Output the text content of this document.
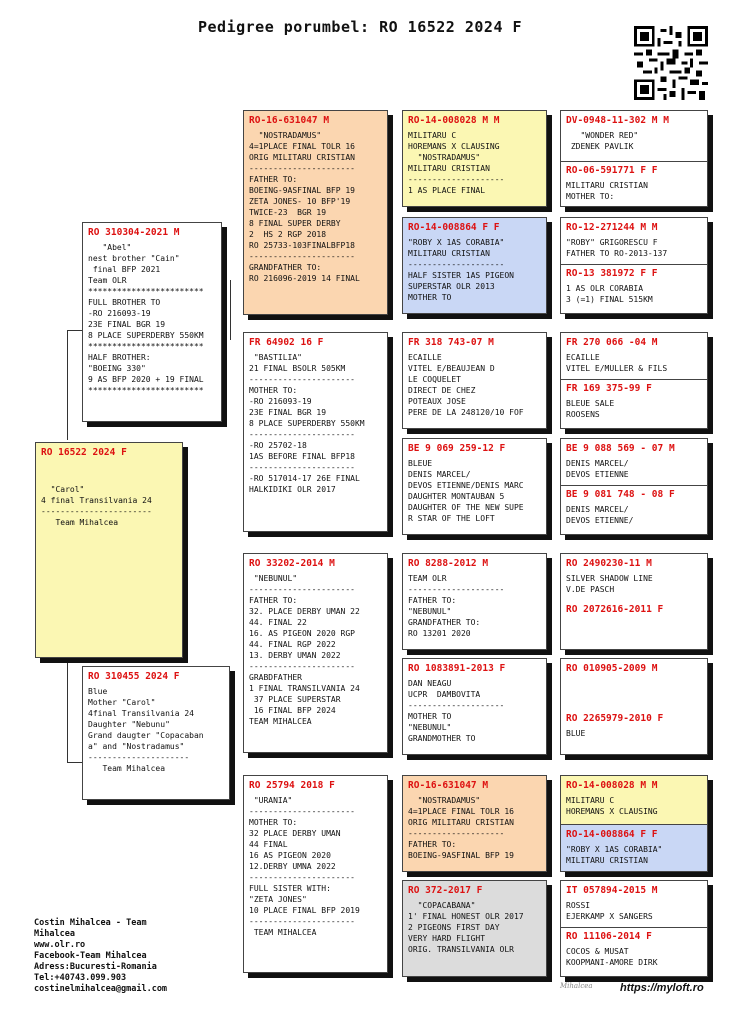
Pedigree porumbel: RO 16522 2024 F
RO 16522 2024 F

"Carol"
4 final Transilvania 24
-----------------------
Team Mihalcea
RO 310304-2021 M
"Abel"
nest brother "Cain"
final BFP 2021
Team OLR
************************
FULL BROTHER TO
-RO 216093-19
23E FINAL BGR 19
8 PLACE SUPERDERBY 550KM
************************
HALF BROTHER:
"BOEING 330"
9 AS BFP 2020 + 19 FINAL
************************
RO 310455 2024 F
Blue
Mother "Carol"
4final Transilvania 24
Daughter "Nebunu"
Grand daugter "Copacaban
a" and "Nostradamus"
---------------------
Team Mihalcea
RO-16-631047 M
"NOSTRADAMUS"
4=1PLACE FINAL TOLR 16
ORIG MILITARU CRISTIAN
----------------------
FATHER TO:
BOEING-9ASFINAL BFP 19
ZETA JONES- 10 BFP'19
TWICE-23  BGR 19
8 FINAL SUPER DERBY
2  HS 2 RGP 2018
RO 25733-103FINALBFP18
----------------------
GRANDFATHER TO:
RO 216096-2019 14 FINAL
FR 64902 16 F
"BASTILIA"
21 FINAL BSOLR 505KM
----------------------
MOTHER TO:
-RO 216093-19
23E FINAL BGR 19
8 PLACE SUPERDERBY 550KM
----------------------
-RO 25702-18
1AS BEFORE FINAL BFP18
----------------------
-RO 517014-17 26E FINAL
HALKIDIKI OLR 2017
RO 33202-2014 M
"NEBUNUL"
----------------------
FATHER TO:
32. PLACE DERBY UMAN 22
44. FINAL 22
16. AS PIGEON 2020 RGP
44. FINAL RGP 2022
13. DERBY UMAN 2022
----------------------
GRABDFATHER
1 FINAL TRANSILVANIA 24
37 PLACE SUPERSTAR
16 FINAL BFP 2024
TEAM MIHALCEA
RO 25794 2018 F
"URANIA"
----------------------
MOTHER TO:
32 PLACE DERBY UMAN
44 FINAL
16 AS PIGEON 2020
12.DERBY UMNA 2022
----------------------
FULL SISTER WITH:
"ZETA JONES"
10 PLACE FINAL BFP 2019
----------------------
TEAM MIHALCEA
RO-14-008028 M M
MILITARU C
HOREMANS X CLAUSING
"NOSTRADAMUS"
MILITARU CRISTIAN
--------------------
1 AS PLACE FINAL
RO-14-008864 F F
"ROBY X 1AS CORABIA"
MILITARU CRISTIAN
--------------------
HALF SISTER 1AS PIGEON
SUPERSTAR OLR 2013
MOTHER TO
FR 318 743-07 M
ECAILLE
VITEL E/BEAUJEAN D
LE COQUELET
DIRECT DE CHEZ
POTEAUX JOSE
PERE DE LA 248120/10 FOF
BE 9 069 259-12 F
BLEUE
DENIS MARCEL/
DEVOS ETIENNE/DENIS MARC
DAUGHTER MONTAUBAN 5
DAUGHTER OF THE NEW SUPE
R STAR OF THE LOFT
RO 8288-2012 M
TEAM OLR
--------------------
FATHER TO:
"NEBUNUL"
GRANDFATHER TO:
RO 13201 2020
RO 1083891-2013 F
DAN NEAGU
UCPR  DAMBOVITA
--------------------
MOTHER TO
"NEBUNUL"
GRANDMOTHER TO
RO-16-631047 M
"NOSTRADAMUS"
4=1PLACE FINAL TOLR 16
ORIG MILITARU CRISTIAN
--------------------
FATHER TO:
BOEING-9ASFINAL BFP 19
RO 372-2017 F
"COPACABANA"
1' FINAL HONEST OLR 2017
2 PIGEONS FIRST DAY
VERY HARD FLIGHT
ORIG. TRANSILVANIA OLR
DV-0948-11-302 M M
"WONDER RED"
ZDENEK PAVLIK
RO-06-591771 F F
MILITARU CRISTIAN
MOTHER TO:
RO-12-271244 M M
"ROBY" GRIGORESCU F
FATHER TO RO-2013-137
RO-13 381972 F F
1 AS OLR CORABIA
3 (=1) FINAL 515KM
FR 270 066 -04 M
ECAILLE
VITEL E/MULLER & FILS
FR 169 375-99 F
BLEUE SALE
ROOSENS
BE 9 088 569 - 07 M
DENIS MARCEL/
DEVOS ETIENNE
BE 9 081 748 - 08 F
DENIS MARCEL/
DEVOS ETIENNE/
RO 2490230-11 M
SILVER SHADOW LINE
V.DE PASCH
RO 2072616-2011 F
RO 010905-2009 M
RO 2265979-2010 F
BLUE
RO-14-008028 M M
MILITARU C
HOREMANS X CLAUSING
RO-14-008864 F F
"ROBY X 1AS CORABIA"
MILITARU CRISTIAN
IT 057894-2015 M
ROSSI
EJERKAMP X SANGERS
RO 11106-2014 F
COCOS & MUSAT
KOOPMANI-AMORE DIRK
Costin Mihalcea - Team
Mihalcea
www.olr.ro
Facebook-Team Mihalcea
Adress:Bucuresti-Romania
Tel:+40743.099.903
costinelmihalcea@gmail.com	Mihalcea https://myloft.ro
